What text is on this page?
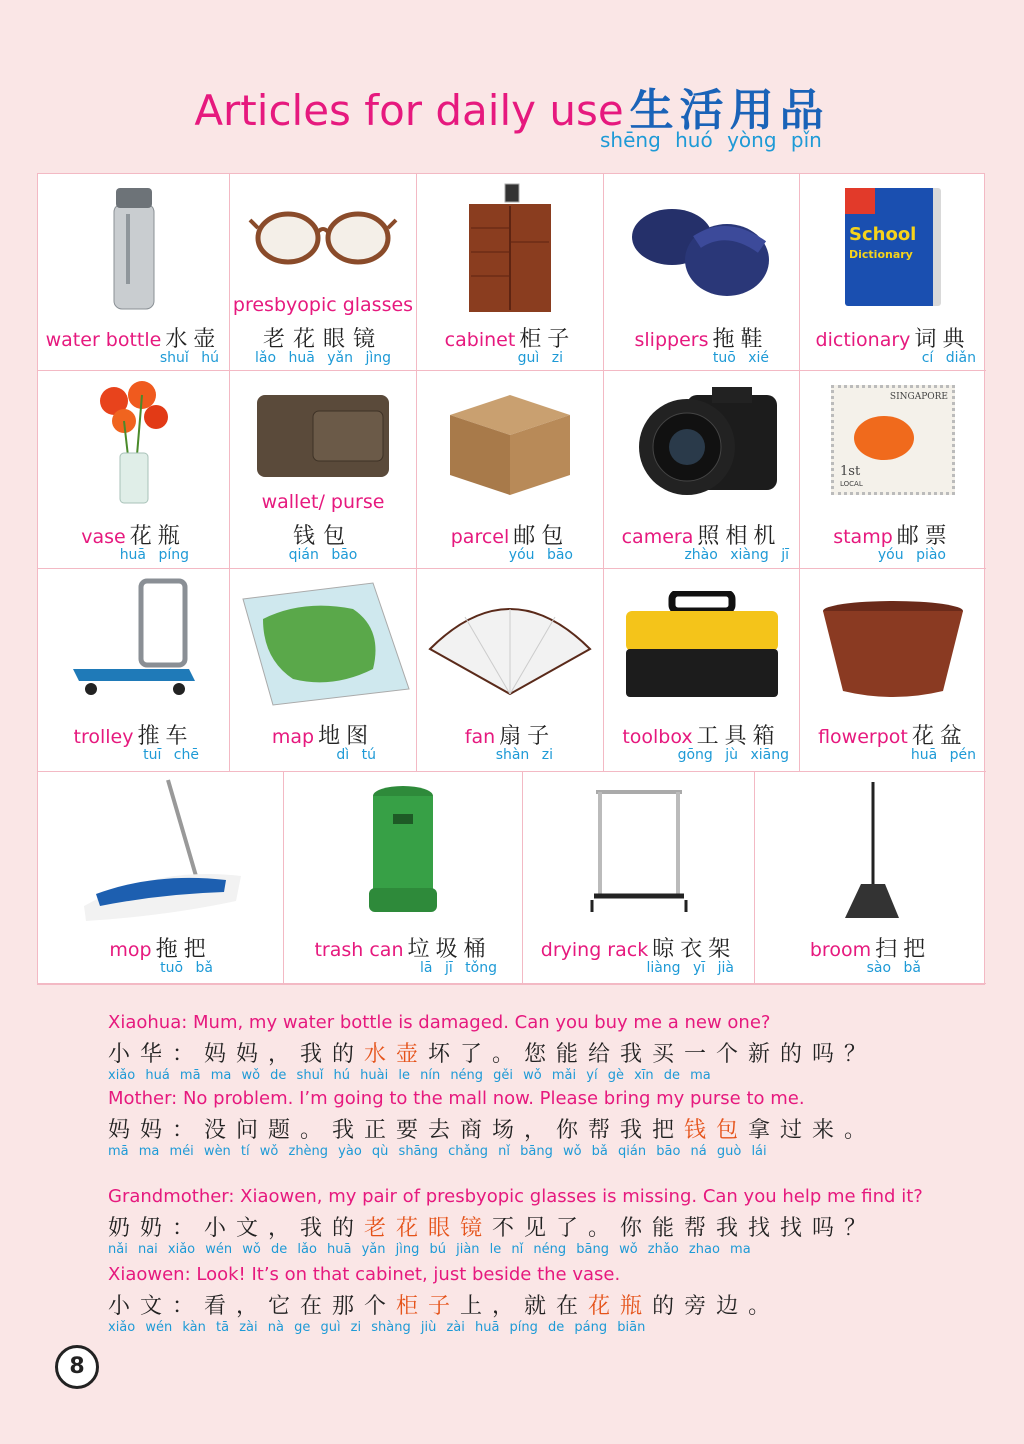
Articles for daily use 生活用品
shēng huó yòng pǐn
water bottle 水壶
shuǐ hú
presbyopic glasses
老花眼镜
lǎo huā yǎn jìng
cabinet 柜子
guì zi
slippers 拖鞋
tuō xié
School
Dictionary
dictionary 词典
cí diǎn
vase 花瓶
huā píng
wallet/ purse
钱包
qián bāo
parcel 邮包
yóu bāo
camera 照相机
zhào xiàng jī
SINGAPORE
1st
LOCAL
stamp 邮票
yóu piào
trolley 推车
tuī chē
map 地图
dì tú
fan 扇子
shàn zi
toolbox 工具箱
gōng jù xiāng
flowerpot 花盆
huā pén
mop 拖把
tuō bǎ
trash can 垃圾桶
lā jī tǒng
drying rack 晾衣架
liàng yī jià
broom 扫把
sào bǎ
Xiaohua: Mum, my water bottle is damaged. Can you buy me a new one?
小华：妈妈，我的水壶坏了。您能给我买一个新的吗？
xiǎo huá mā ma wǒ de shuǐ hú huài le nín néng gěi wǒ mǎi yí gè xīn de ma
Mother: No problem. I’m going to the mall now. Please bring my purse to me.
妈妈：没问题。我正要去商场，你帮我把钱包拿过来。
mā ma méi wèn tí wǒ zhèng yào qù shāng chǎng nǐ bāng wǒ bǎ qián bāo ná guò lái
Grandmother: Xiaowen, my pair of presbyopic glasses is missing. Can you help me find it?
奶奶：小文，我的老花眼镜不见了。你能帮我找找吗？
nǎi nai xiǎo wén wǒ de lǎo huā yǎn jìng bú jiàn le nǐ néng bāng wǒ zhǎo zhao ma
Xiaowen: Look! It’s on that cabinet, just beside the vase.
小文：看，它在那个柜子上，就在花瓶的旁边。
xiǎo wén kàn tā zài nà ge guì zi shàng jiù zài huā píng de páng biān
8
